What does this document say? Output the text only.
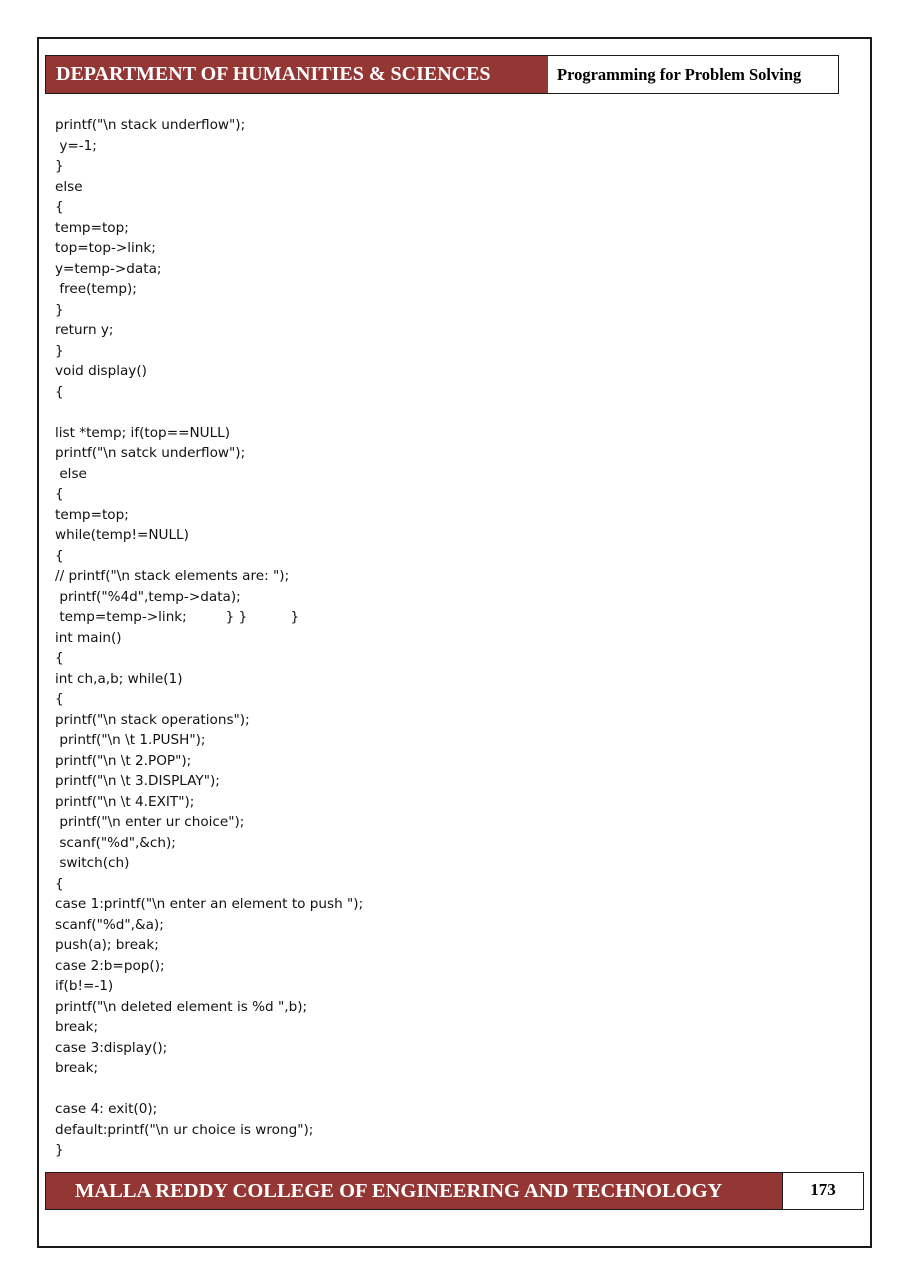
DEPARTMENT OF HUMANITIES & SCIENCES	Programming for Problem Solving
printf("\n stack underflow");
y=-1;
}
else
{
temp=top;
top=top->link;
y=temp->data;
free(temp);
}
return y;
}
void display()
{
list *temp; if(top==NULL)
printf("\n satck underflow");
else
{
temp=top;
while(temp!=NULL)
{
// printf("\n stack elements are: ");
printf("%4d",temp->data);
temp=temp->link;         } }          }
int main()
{
int ch,a,b; while(1)
{
printf("\n stack operations");
printf("\n \t 1.PUSH");
printf("\n \t 2.POP");
printf("\n \t 3.DISPLAY");
printf("\n \t 4.EXIT");
printf("\n enter ur choice");
scanf("%d",&ch);
switch(ch)
{
case 1:printf("\n enter an element to push ");
scanf("%d",&a);
push(a); break;
case 2:b=pop();
if(b!=-1)
printf("\n deleted element is %d ",b);
break;
case 3:display();
break;
case 4: exit(0);
default:printf("\n ur choice is wrong");
}
MALLA REDDY COLLEGE OF ENGINEERING AND TECHNOLOGY	173
